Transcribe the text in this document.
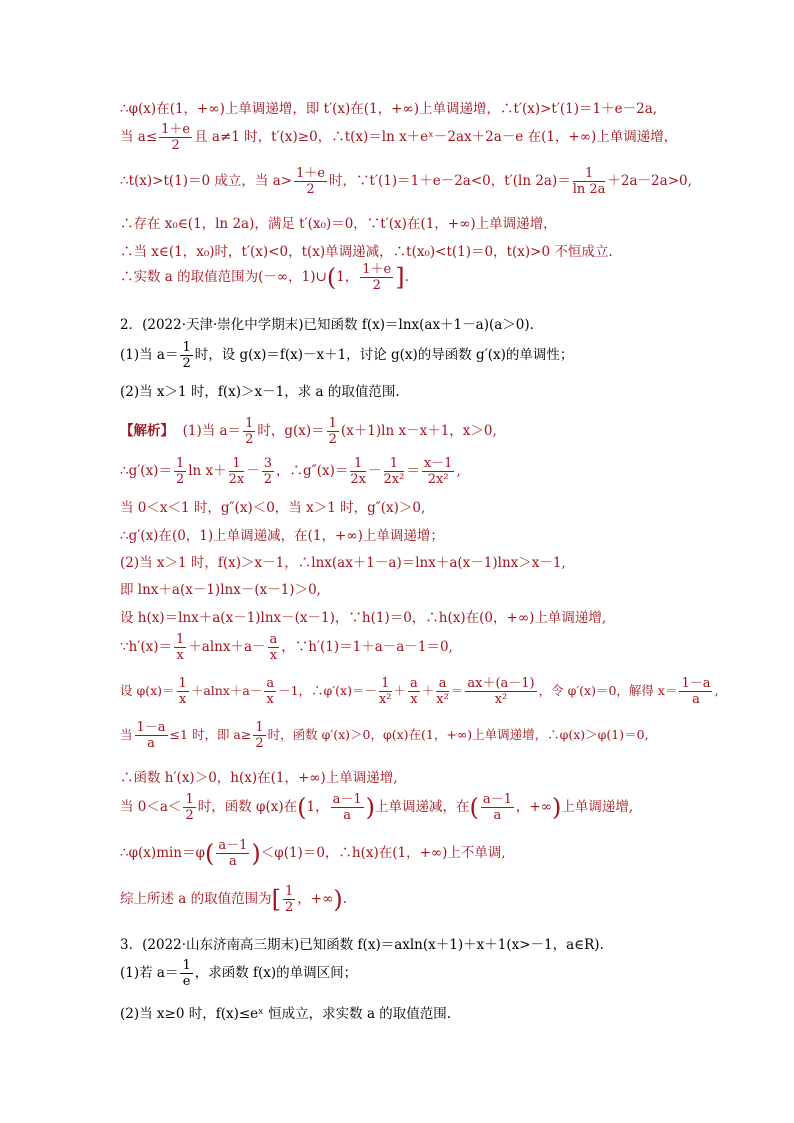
∴φ(x)在(1，+∞)上单调递增，即 t′(x)在(1，+∞)上单调递增，∴t′(x)>t′(1)＝1＋e－2a,
当 $a\le \frac{1+e}{2}$ 且 a≠1 时，t′(x)≥0，∴t(x)＝ln x＋eˣ－2ax＋2a－e 在(1，+∞)上单调递增，
∴t(x)>t(1)＝0 成立，当 $a> \frac{1+e}{2}$ 时，∵t′(1)＝1＋e－2a<0，t′(ln $2a)= \frac{1}{\ln 2a} +2a-2a>0$,
∴存在 x₀∈(1，ln 2a)，满足 t′(x₀)＝0，∵t′(x)在(1，+∞)上单调递增，
∴当 x∈(1，x₀)时，t′(x)<0，t(x)单调递减，∴t(x₀)<t(1)＝0，t(x)>0 不恒成立.
∴实数 a 的取值范围为(－∞，1)∪(1， $\frac{1+e}{2}$ ].
2．(2022·天津·崇化中学期末)已知函数 f(x)＝lnx(ax＋1－a)(a＞0).
(1)当 $a= \frac{1}{2}$ 时，设 g(x)＝f(x)－x＋1，讨论 g(x)的导函数 g′(x)的单调性；
(2)当 x＞1 时，f(x)＞x－1，求 a 的取值范围.
【解析】 (1)当 $a= \frac{1}{2}$ 时，$g(x)= \frac{1}{2} (x+1)\ln$ x－x＋1，x＞0,
∴g′(x)＝ $\frac{1}{2}$ $\ln x+ \frac{1}{2x} - \frac{3}{2}$ ，∴g″(x)＝ $\frac{1}{2x} - \frac{1}{\text{2x²}} = \frac{x-1}{\text{2x²}}$ ,
当 0＜x＜1 时，g″(x)＜0，当 x＞1 时，g″(x)＞0,
∴g′(x)在(0，1)上单调递减，在(1，+∞)上单调递增；
(2)当 x＞1 时，f(x)＞x－1，∴lnx(ax＋1－a)＝lnx＋a(x－1)lnx＞x－1,
即 lnx＋a(x－1)lnx－(x－1)＞0,
设 h(x)＝lnx＋a(x－1)lnx－(x－1)，∵h(1)＝0，∴h(x)在(0，+∞)上单调递增,
∵h′(x)＝ $\frac{1}{x} +alnx+a- \frac{a}{x}$ ，∵h′(1)＝1＋a－a－1＝0,
设 $\varphi(x)= \frac{1}{x} +alnx+a- \frac{a}{x} -1$，∴φ′(x)＝－ $\frac{1}{\text{x²}} + \frac{a}{x} + \frac{a}{\text{x²}} = \frac{ax+(a-1)}{\text{x²}}$ ，令 φ′(x)＝0，解得 $x= \frac{1-a}{a}$ ,
当 $\frac{1-a}{a} \le 1$ 时，即 $a\ge \frac{1}{2}$ 时，函数 φ′(x)＞0，φ(x)在(1，+∞)上单调递增，∴φ(x)＞φ(1)＝0,
∴函数 h′(x)＞0，h(x)在(1，+∞)上单调递增,
当 $0<a< \frac{1}{2}$ 时，函数 φ(x)在(1， $\frac{a-1}{a}$ )上单调递减，在( $\frac{a-1}{a}$ ，+∞)上单调递增,
∴φ(x)min＝φ( $\frac{a-1}{a} )<\varphi(1)=0$，∴h(x)在(1，+∞)上不单调,
综上所述 a 的取值范围为[ $\frac{1}{2}$ ，+∞).
3．(2022·山东济南高三期末)已知函数 f(x)＝axln(x＋1)＋x＋1(x>－1，a∈R).
(1)若 $a= \frac{1}{e}$ ，求函数 f(x)的单调区间；
(2)当 x≥0 时，f(x)≤eˣ 恒成立，求实数 a 的取值范围.
